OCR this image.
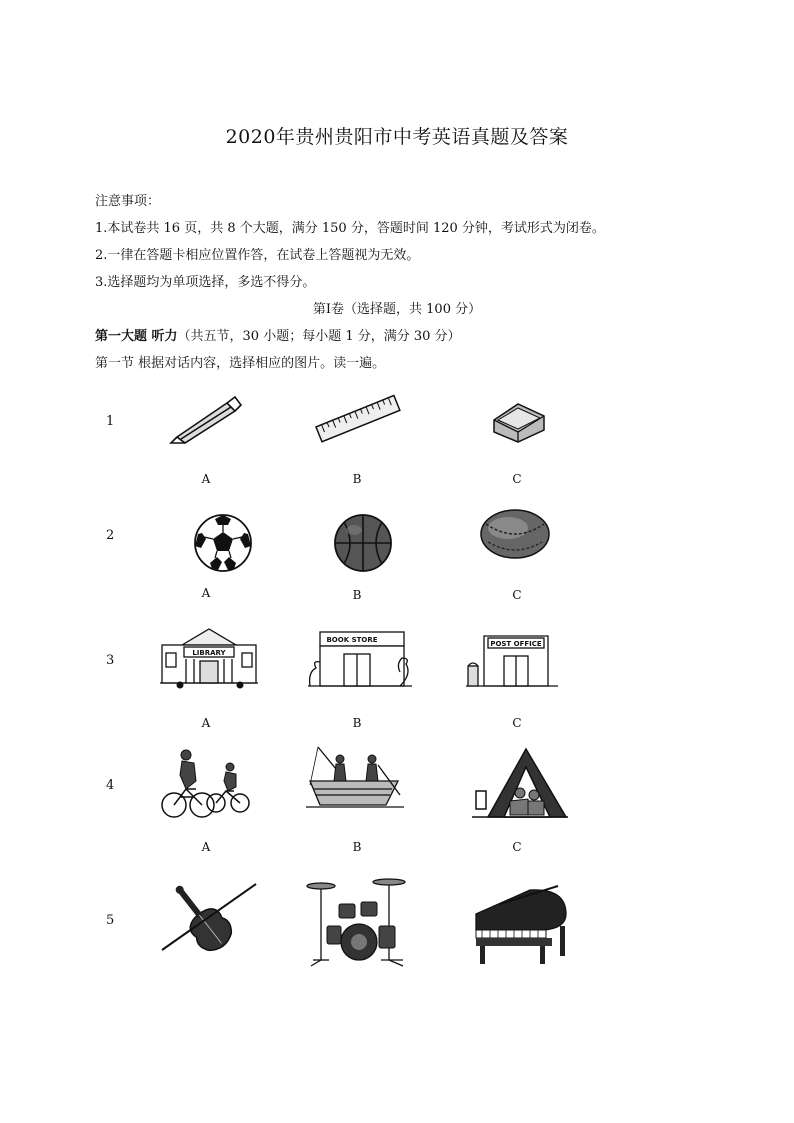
2020年贵州贵阳市中考英语真题及答案
注意事项：
1.本试卷共 16 页，共 8 个大题，满分 150 分，答题时间 120 分钟，考试形式为闭卷。
2.一律在答题卡相应位置作答，在试卷上答题视为无效。
3.选择题均为单项选择，多选不得分。
第Ⅰ卷（选择题，共 100 分）
第一大题 听力（共五节，30 小题；每小题 1 分，满分 30 分）
第一节 根据对话内容，选择相应的图片。读一遍。
1
A	B	C
2
A	B	C
3	LIBRARY
BOOK STORE	POST OFFICE
A	B	C
4
A	B	C
5
